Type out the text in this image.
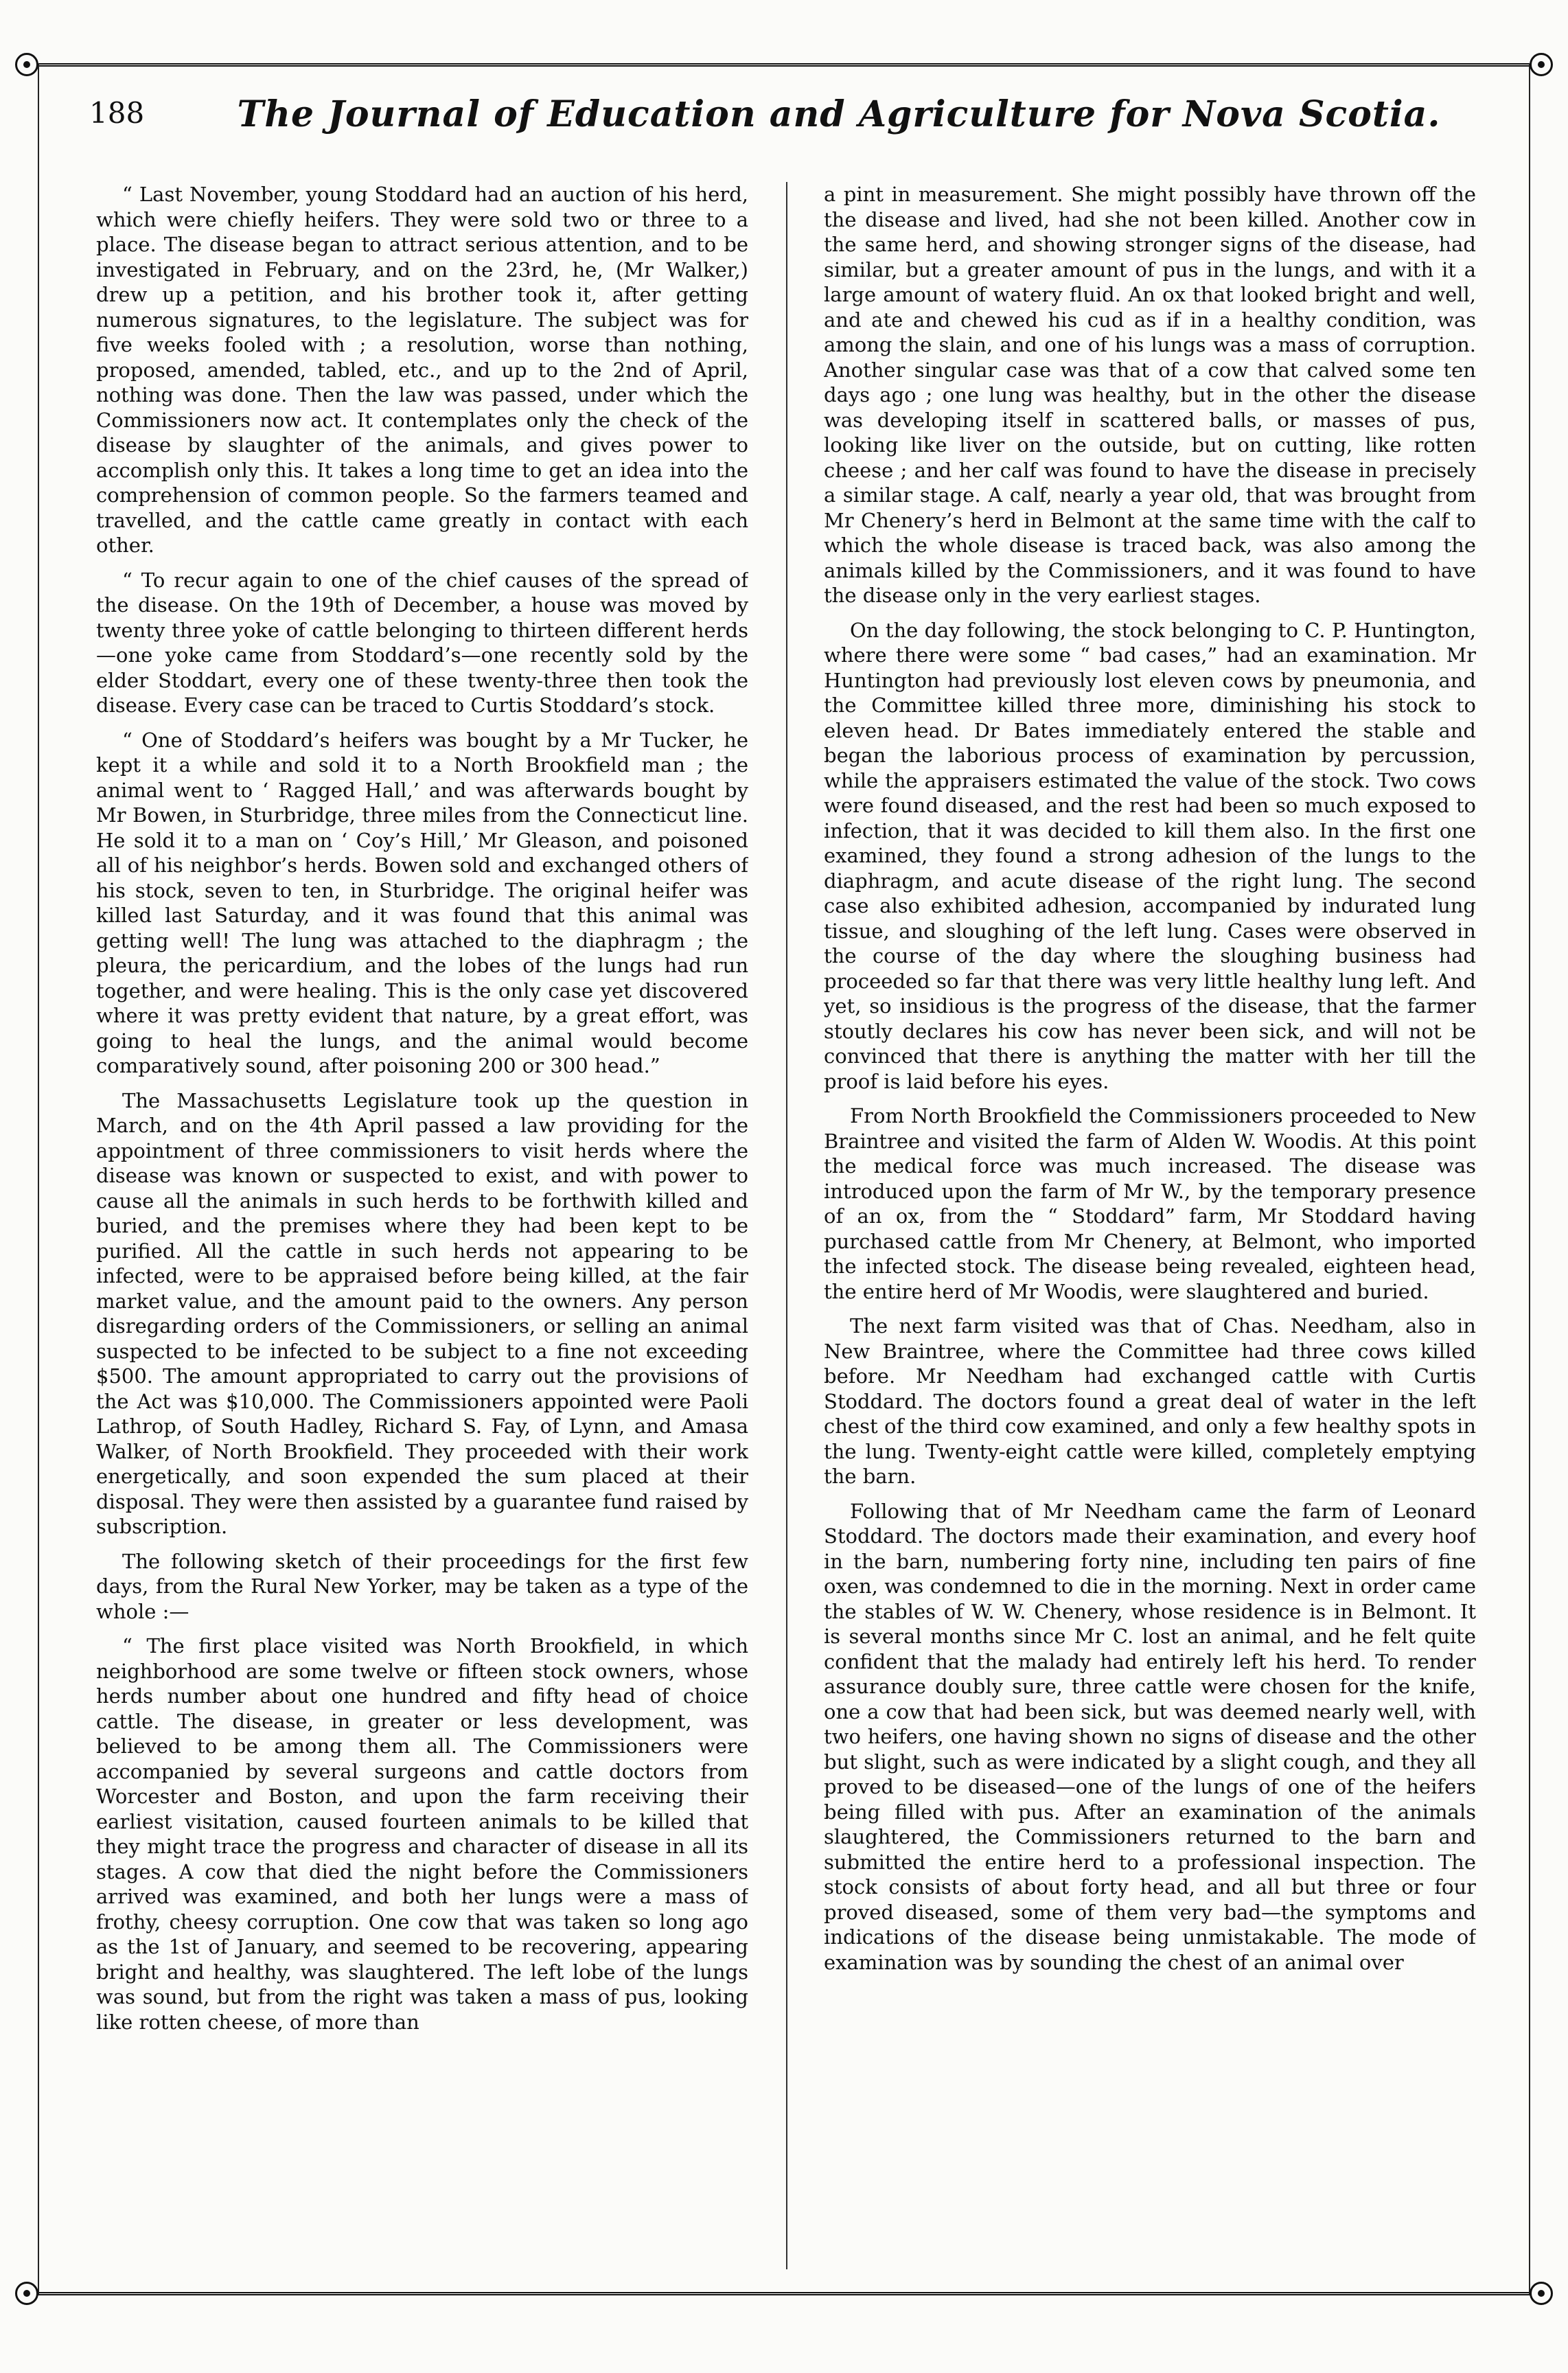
188	The Journal of Education and Agriculture for Nova Scotia.

“ Last November, young Stoddard had an auction of his herd, which were chiefly heifers. They were sold two or three to a place. The disease began to attract serious attention, and to be investigated in February, and on the 23rd, he, (Mr Walker,) drew up a petition, and his brother took it, after getting numerous signatures, to the legislature. The subject was for five weeks fooled with ; a resolution, worse than nothing, proposed, amended, tabled, etc., and up to the 2nd of April, nothing was done. Then the law was passed, under which the Commissioners now act. It contemplates only the check of the disease by slaughter of the animals, and gives power to accomplish only this. It takes a long time to get an idea into the comprehension of common people. So the farmers teamed and travelled, and the cattle came greatly in contact with each other.

“ To recur again to one of the chief causes of the spread of the disease. On the 19th of December, a house was moved by twenty three yoke of cattle belonging to thirteen different herds—one yoke came from Stoddard’s—one recently sold by the elder Stoddart, every one of these twenty-three then took the disease. Every case can be traced to Curtis Stoddard’s stock.

“ One of Stoddard’s heifers was bought by a Mr Tucker, he kept it a while and sold it to a North Brookfield man ; the animal went to ‘ Ragged Hall,’ and was afterwards bought by Mr Bowen, in Sturbridge, three miles from the Connecticut line. He sold it to a man on ‘ Coy’s Hill,’ Mr Gleason, and poisoned all of his neighbor’s herds. Bowen sold and exchanged others of his stock, seven to ten, in Sturbridge. The original heifer was killed last Saturday, and it was found that this animal was getting well! The lung was attached to the diaphragm ; the pleura, the pericardium, and the lobes of the lungs had run together, and were healing. This is the only case yet discovered where it was pretty evident that nature, by a great effort, was going to heal the lungs, and the animal would become comparatively sound, after poisoning 200 or 300 head.”

The Massachusetts Legislature took up the question in March, and on the 4th April passed a law providing for the appointment of three commissioners to visit herds where the disease was known or suspected to exist, and with power to cause all the animals in such herds to be forthwith killed and buried, and the premises where they had been kept to be purified. All the cattle in such herds not appearing to be infected, were to be appraised before being killed, at the fair market value, and the amount paid to the owners. Any person disregarding orders of the Commissioners, or selling an animal suspected to be infected to be subject to a fine not exceeding $500. The amount appropriated to carry out the provisions of the Act was $10,000. The Commissioners appointed were Paoli Lathrop, of South Hadley, Richard S. Fay, of Lynn, and Amasa Walker, of North Brookfield. They proceeded with their work energetically, and soon expended the sum placed at their disposal. They were then assisted by a guarantee fund raised by subscription.

The following sketch of their proceedings for the first few days, from the Rural New Yorker, may be taken as a type of the whole :—

“ The first place visited was North Brookfield, in which neighborhood are some twelve or fifteen stock owners, whose herds number about one hundred and fifty head of choice cattle. The disease, in greater or less development, was believed to be among them all. The Commissioners were accompanied by several surgeons and cattle doctors from Worcester and Boston, and upon the farm receiving their earliest visitation, caused fourteen animals to be killed that they might trace the progress and character of disease in all its stages. A cow that died the night before the Commissioners arrived was examined, and both her lungs were a mass of frothy, cheesy corruption. One cow that was taken so long ago as the 1st of January, and seemed to be recovering, appearing bright and healthy, was slaughtered. The left lobe of the lungs was sound, but from the right was taken a mass of pus, looking like rotten cheese, of more than

a pint in measurement. She might possibly have thrown off the the disease and lived, had she not been killed. Another cow in the same herd, and showing stronger signs of the disease, had similar, but a greater amount of pus in the lungs, and with it a large amount of watery fluid. An ox that looked bright and well, and ate and chewed his cud as if in a healthy condition, was among the slain, and one of his lungs was a mass of corruption. Another singular case was that of a cow that calved some ten days ago ; one lung was healthy, but in the other the disease was developing itself in scattered balls, or masses of pus, looking like liver on the outside, but on cutting, like rotten cheese ; and her calf was found to have the disease in precisely a similar stage. A calf, nearly a year old, that was brought from Mr Chenery’s herd in Belmont at the same time with the calf to which the whole disease is traced back, was also among the animals killed by the Commissioners, and it was found to have the disease only in the very earliest stages.

On the day following, the stock belonging to C. P. Huntington, where there were some “ bad cases,” had an examination. Mr Huntington had previously lost eleven cows by pneumonia, and the Committee killed three more, diminishing his stock to eleven head. Dr Bates immediately entered the stable and began the laborious process of examination by percussion, while the appraisers estimated the value of the stock. Two cows were found diseased, and the rest had been so much exposed to infection, that it was decided to kill them also. In the first one examined, they found a strong adhesion of the lungs to the diaphragm, and acute disease of the right lung. The second case also exhibited adhesion, accompanied by indurated lung tissue, and sloughing of the left lung. Cases were observed in the course of the day where the sloughing business had proceeded so far that there was very little healthy lung left. And yet, so insidious is the progress of the disease, that the farmer stoutly declares his cow has never been sick, and will not be convinced that there is anything the matter with her till the proof is laid before his eyes.

From North Brookfield the Commissioners proceeded to New Braintree and visited the farm of Alden W. Woodis. At this point the medical force was much increased. The disease was introduced upon the farm of Mr W., by the temporary presence of an ox, from the “ Stoddard” farm, Mr Stoddard having purchased cattle from Mr Chenery, at Belmont, who imported the infected stock. The disease being revealed, eighteen head, the entire herd of Mr Woodis, were slaughtered and buried.

The next farm visited was that of Chas. Needham, also in New Braintree, where the Committee had three cows killed before. Mr Needham had exchanged cattle with Curtis Stoddard. The doctors found a great deal of water in the left chest of the third cow examined, and only a few healthy spots in the lung. Twenty-eight cattle were killed, completely emptying the barn.

Following that of Mr Needham came the farm of Leonard Stoddard. The doctors made their examination, and every hoof in the barn, numbering forty nine, including ten pairs of fine oxen, was condemned to die in the morning. Next in order came the stables of W. W. Chenery, whose residence is in Belmont. It is several months since Mr C. lost an animal, and he felt quite confident that the malady had entirely left his herd. To render assurance doubly sure, three cattle were chosen for the knife, one a cow that had been sick, but was deemed nearly well, with two heifers, one having shown no signs of disease and the other but slight, such as were indicated by a slight cough, and they all proved to be diseased—one of the lungs of one of the heifers being filled with pus. After an examination of the animals slaughtered, the Commissioners returned to the barn and submitted the entire herd to a professional inspection. The stock consists of about forty head, and all but three or four proved diseased, some of them very bad—the symptoms and indications of the disease being unmistakable. The mode of examination was by sounding the chest of an animal over
